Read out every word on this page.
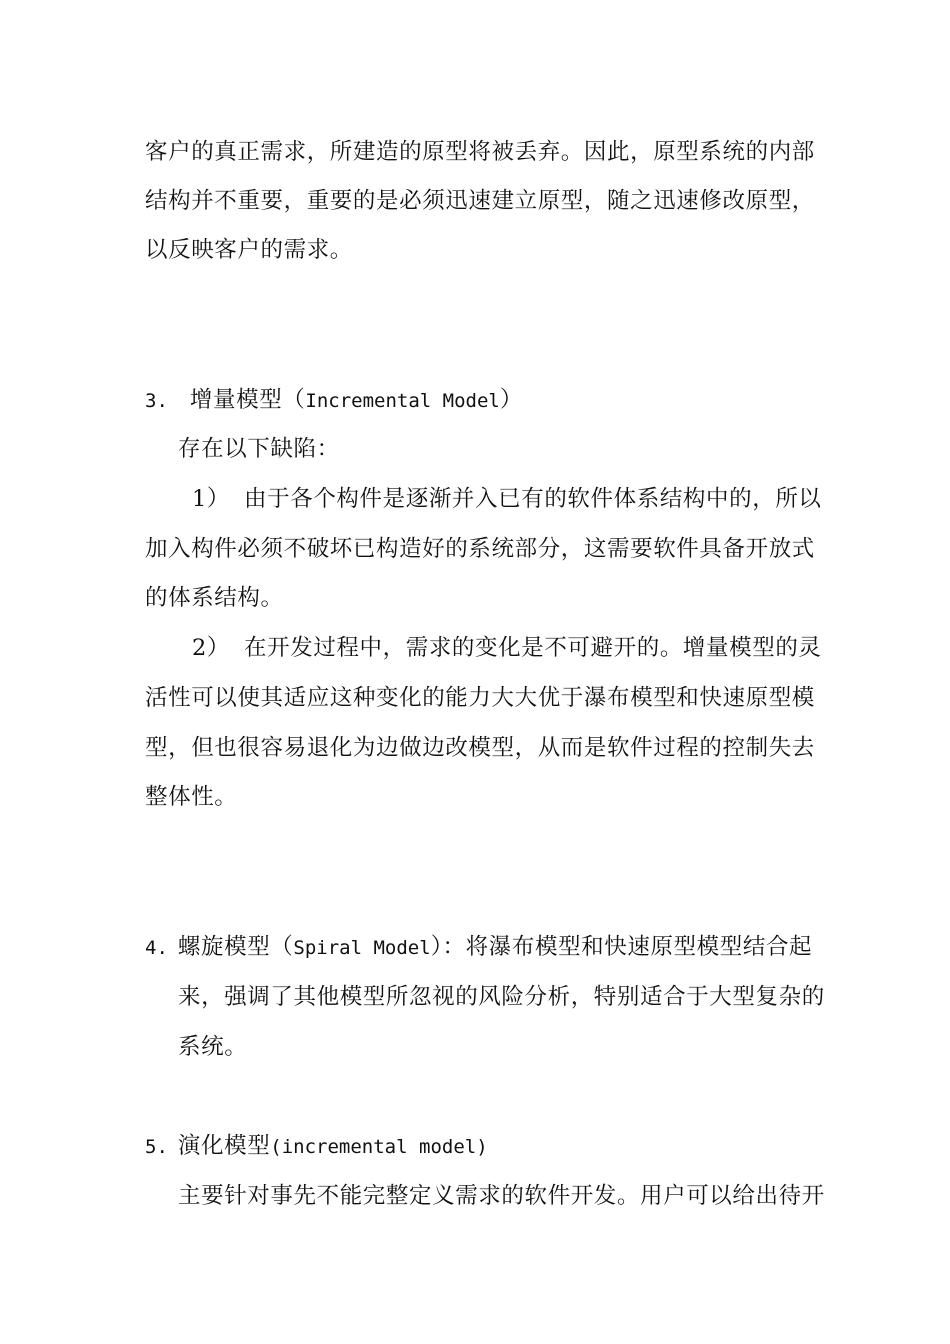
客户的真正需求，所建造的原型将被丢弃。因此，原型系统的内部
结构并不重要，重要的是必须迅速建立原型，随之迅速修改原型，
以反映客户的需求。
3. 增量模型（Incremental Model）
存在以下缺陷：
1） 由于各个构件是逐渐并入已有的软件体系结构中的，所以
加入构件必须不破坏已构造好的系统部分，这需要软件具备开放式
的体系结构。
2） 在开发过程中，需求的变化是不可避开的。增量模型的灵
活性可以使其适应这种变化的能力大大优于瀑布模型和快速原型模
型，但也很容易退化为边做边改模型，从而是软件过程的控制失去
整体性。
4. 螺旋模型（Spiral Model）：将瀑布模型和快速原型模型结合起
来，强调了其他模型所忽视的风险分析，特别适合于大型复杂的
系统。
5. 演化模型(incremental model)
主要针对事先不能完整定义需求的软件开发。用户可以给出待开
